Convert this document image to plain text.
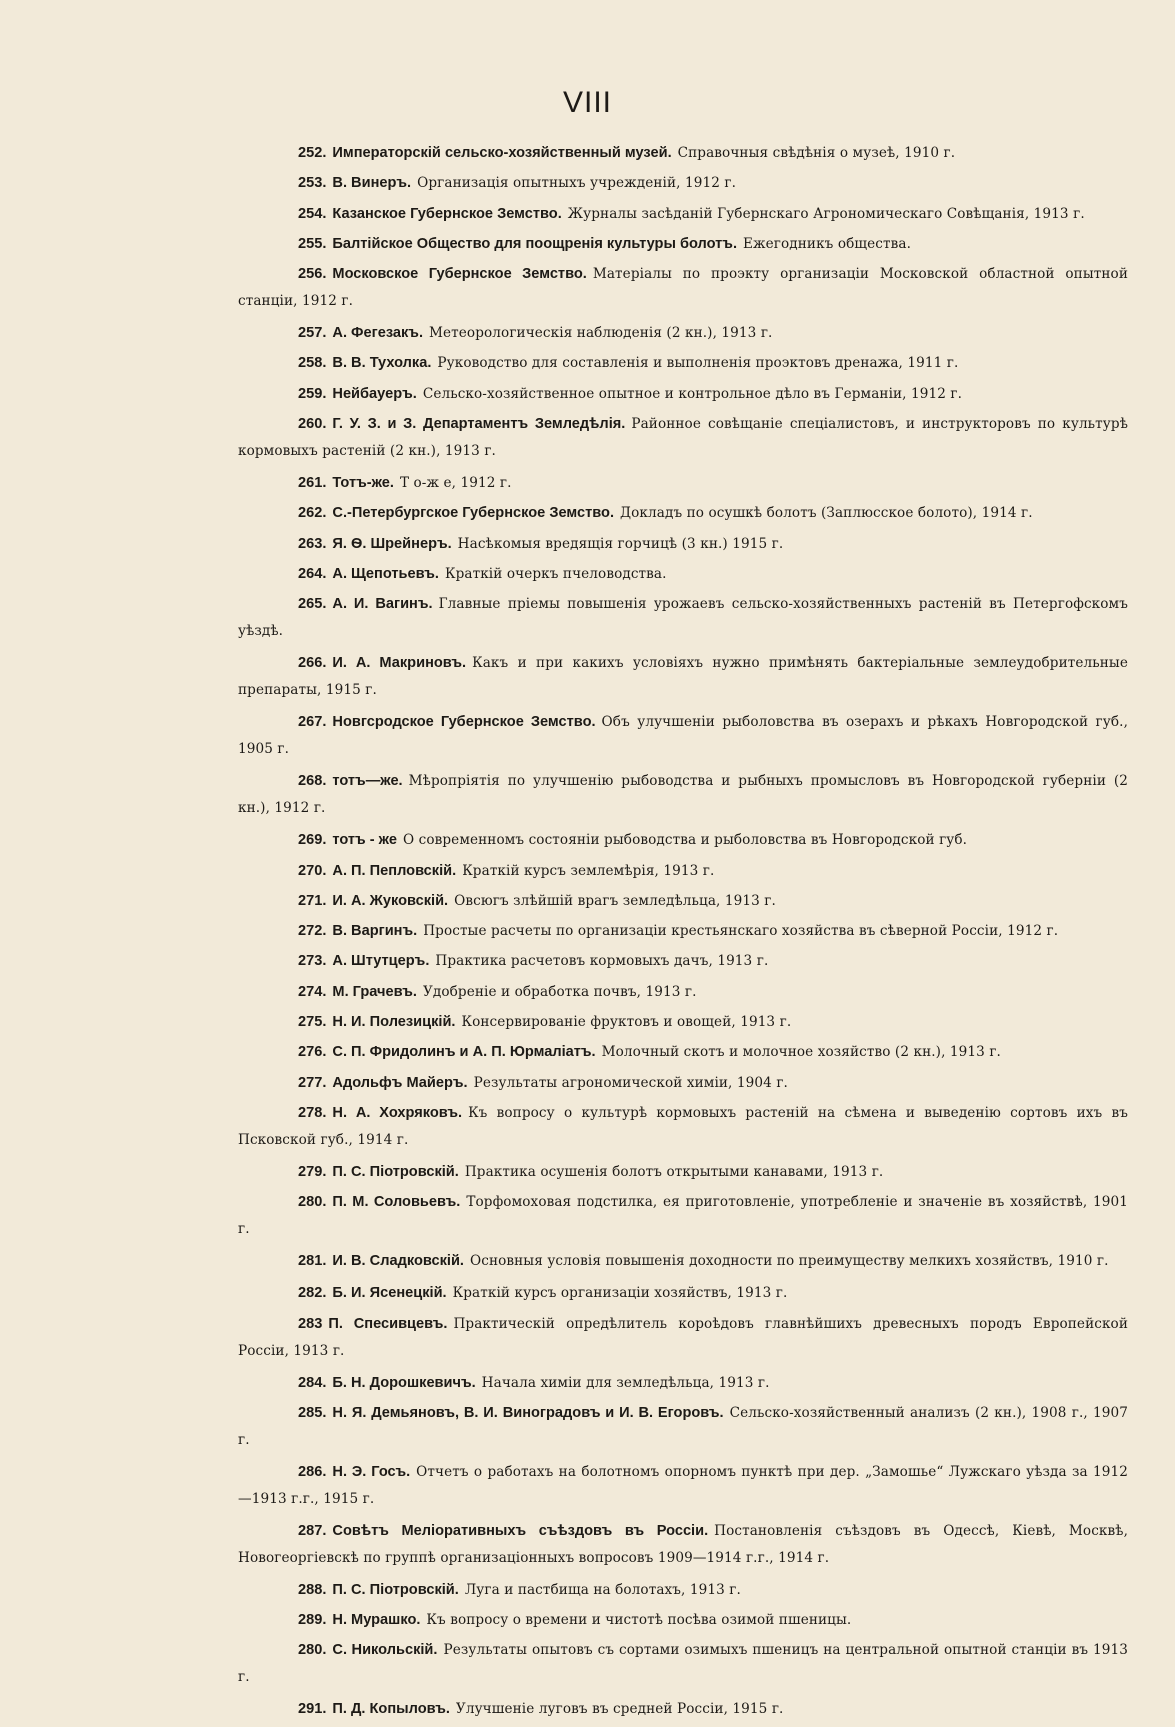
VIII
252. Императорскій сельско-хозяйственный музей. Справочныя свѣдѣнія о музеѣ, 1910 г.
253. В. Винеръ. Организація опытныхъ учрежденій, 1912 г.
254. Казанское Губернское Земство. Журналы засѣданій Губернскаго Агрономическаго Совѣщанія, 1913 г.
255. Балтійское Общество для поощренія культуры болотъ. Ежегодникъ общества.
256. Московское Губернское Земство. Матеріалы по проэкту организаціи Московской областной опытной станціи, 1912 г.
257. А. Фегезакъ. Метеорологическія наблюденія (2 кн.), 1913 г.
258. В. В. Тухолка. Руководство для составленія и выполненія проэктовъ дренажа, 1911 г.
259. Нейбауеръ. Сельско-хозяйственное опытное и контрольное дѣло въ Германіи, 1912 г.
260. Г. У. З. и З. Департаментъ Земледѣлія. Районное совѣщаніе спеціалистовъ, и инструкторовъ по культурѣ кормовыхъ растеній (2 кн.), 1913 г.
261. Тотъ-же. Т о-ж е, 1912 г.
262. С.-Петербургское Губернское Земство. Докладъ по осушкѣ болотъ (Заплюсское болото), 1914 г.
263. Я. Ѳ. Шрейнеръ. Насѣкомыя вредящія горчицѣ (3 кн.) 1915 г.
264. А. Щепотьевъ. Краткій очеркъ пчеловодства.
265. А. И. Вагинъ. Главные пріемы повышенія урожаевъ сельско-хозяйственныхъ растеній въ Петергофскомъ уѣздѣ.
266. И. А. Макриновъ. Какъ и при какихъ условіяхъ нужно примѣнять бактеріальные землеудобрительные препараты, 1915 г.
267. Новгсродское Губернское Земство. Объ улучшеніи рыболовства въ озерахъ и рѣкахъ Новгородской губ., 1905 г.
268. тотъ—же. Мѣропріятія по улучшенію рыбоводства и рыбныхъ промысловъ въ Новгородской губерніи (2 кн.), 1912 г.
269. тотъ - же О современномъ состояніи рыбоводства и рыболовства въ Новгородской губ.
270. А. П. Пепловскій. Краткій курсъ землемѣрія, 1913 г.
271. И. А. Жуковскій. Овсюгъ злѣйшій врагъ земледѣльца, 1913 г.
272. В. Варгинъ. Простые расчеты по организаціи крестьянскаго хозяйства въ сѣверной Россіи, 1912 г.
273. А. Штутцеръ. Практика расчетовъ кормовыхъ дачъ, 1913 г.
274. М. Грачевъ. Удобреніе и обработка почвъ, 1913 г.
275. Н. И. Полезицкій. Консервированіе фруктовъ и овощей, 1913 г.
276. С. П. Фридолинъ и А. П. Юрмаліатъ. Молочный скотъ и молочное хозяйство (2 кн.), 1913 г.
277. Адольфъ Майеръ. Результаты агрономической химіи, 1904 г.
278. Н. А. Хохряковъ. Къ вопросу о культурѣ кормовыхъ растеній на сѣмена и выведенію сортовъ ихъ въ Псковской губ., 1914 г.
279. П. С. Піотровскій. Практика осушенія болотъ открытыми канавами, 1913 г.
280. П. М. Соловьевъ. Торфомоховая подстилка, ея приготовленіе, употребленіе и значеніе въ хозяйствѣ, 1901 г.
281. И. В. Сладковскій. Основныя условія повышенія доходности по преимуществу мелкихъ хозяйствъ, 1910 г.
282. Б. И. Ясенецкій. Краткій курсъ организаціи хозяйствъ, 1913 г.
283 П. Спесивцевъ. Практическій опредѣлитель короѣдовъ главнѣйшихъ древесныхъ породъ Европейской Россіи, 1913 г.
284. Б. Н. Дорошкевичъ. Начала химіи для земледѣльца, 1913 г.
285. Н. Я. Демьяновъ, В. И. Виноградовъ и И. В. Егоровъ. Сельско-хозяйственный анализъ (2 кн.), 1908 г., 1907 г.
286. Н. Э. Госъ. Отчетъ о работахъ на болотномъ опорномъ пунктѣ при дер. „Замошье“ Лужскаго уѣзда за 1912—1913 г.г., 1915 г.
287. Совѣтъ Меліоративныхъ съѣздовъ въ Россіи. Постановленія съѣздовъ въ Одессѣ, Кіевѣ, Москвѣ, Новогеоргіевскѣ по группѣ организаціонныхъ вопросовъ 1909—1914 г.г., 1914 г.
288. П. С. Піотровскій. Луга и пастбища на болотахъ, 1913 г.
289. Н. Мурашко. Къ вопросу о времени и чистотѣ посѣва озимой пшеницы.
280. С. Никольскій. Результаты опытовъ съ сортами озимыхъ пшеницъ на центральной опытной станціи въ 1913 г.
291. П. Д. Копыловъ. Улучшеніе луговъ въ средней Россіи, 1915 г.
